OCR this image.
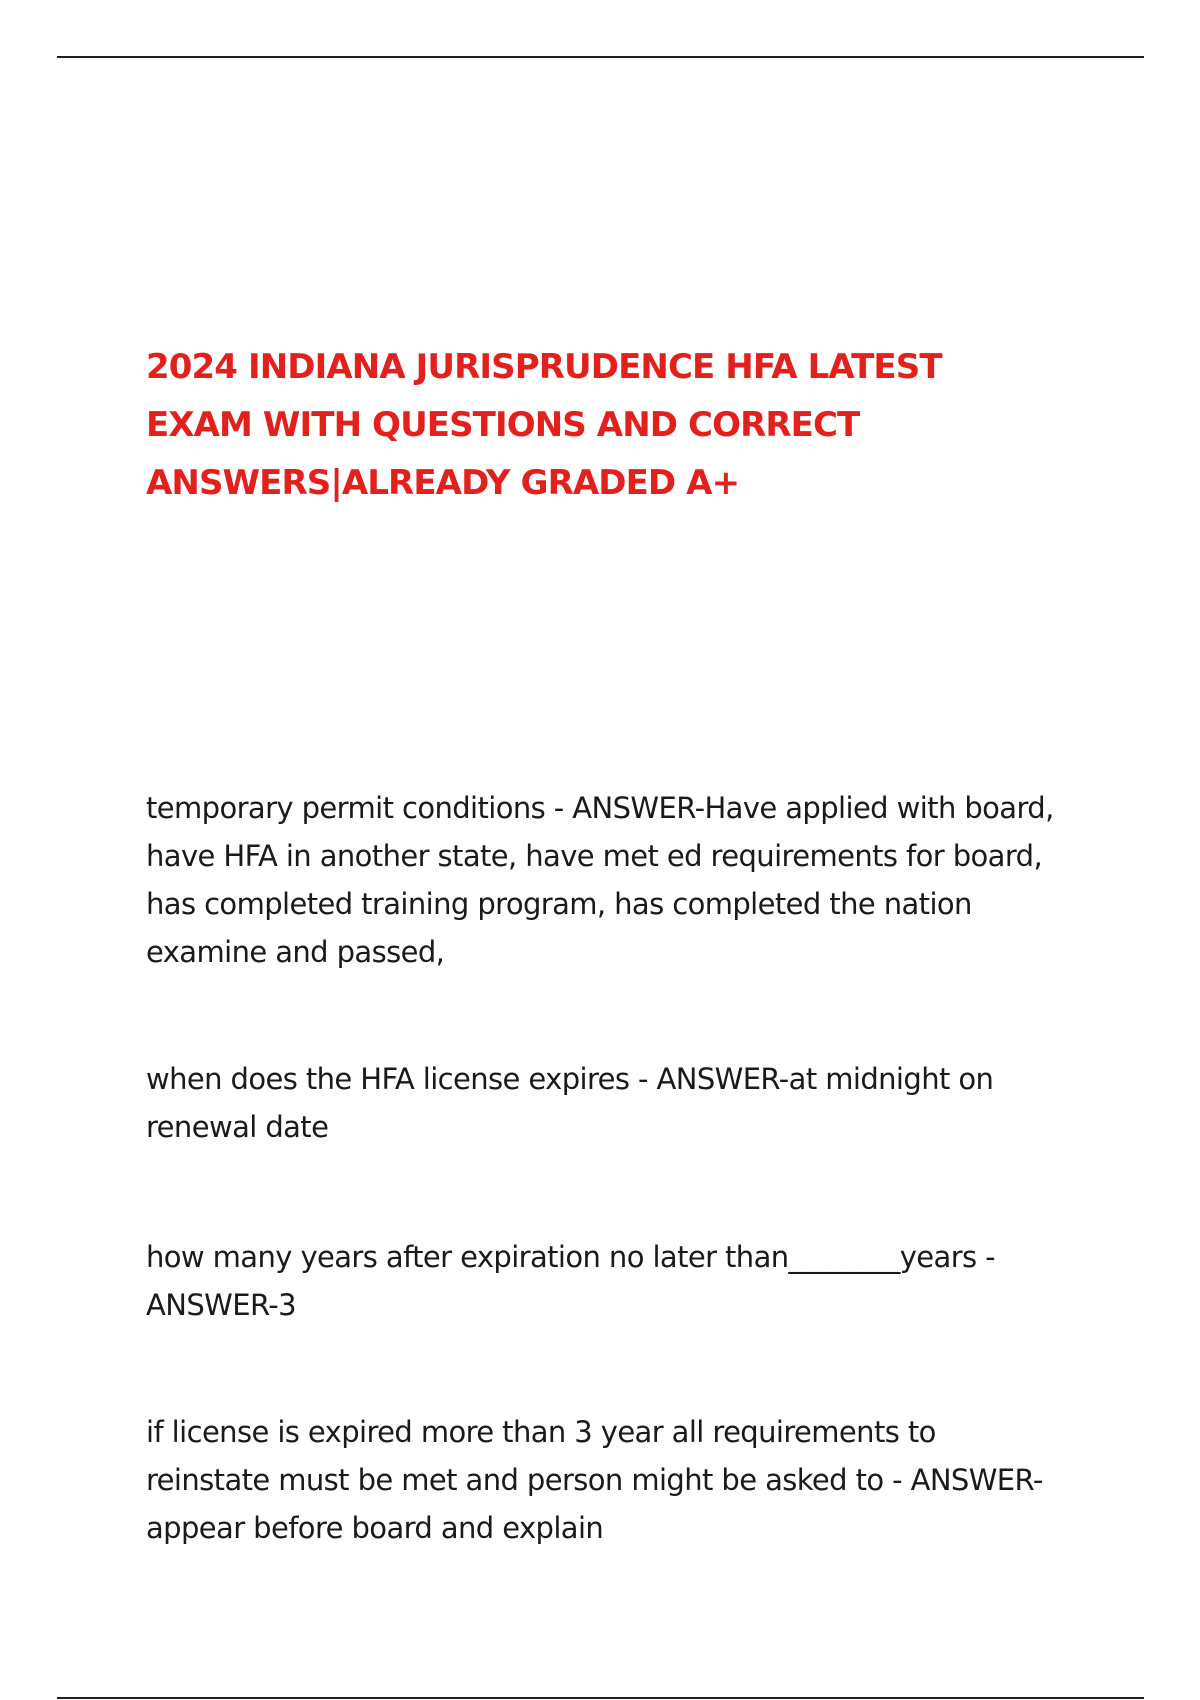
2024 INDIANA JURISPRUDENCE HFA LATEST EXAM WITH QUESTIONS AND CORRECT ANSWERS|ALREADY GRADED A+

temporary permit conditions - ANSWER-Have applied with board, have HFA in another state, have met ed requirements for board, has completed training program, has completed the nation examine and passed,

when does the HFA license expires - ANSWER-at midnight on renewal date

how many years after expiration no later than________years - ANSWER-3

if license is expired more than 3 year all requirements to reinstate must be met and person might be asked to - ANSWER-appear before board and explain
